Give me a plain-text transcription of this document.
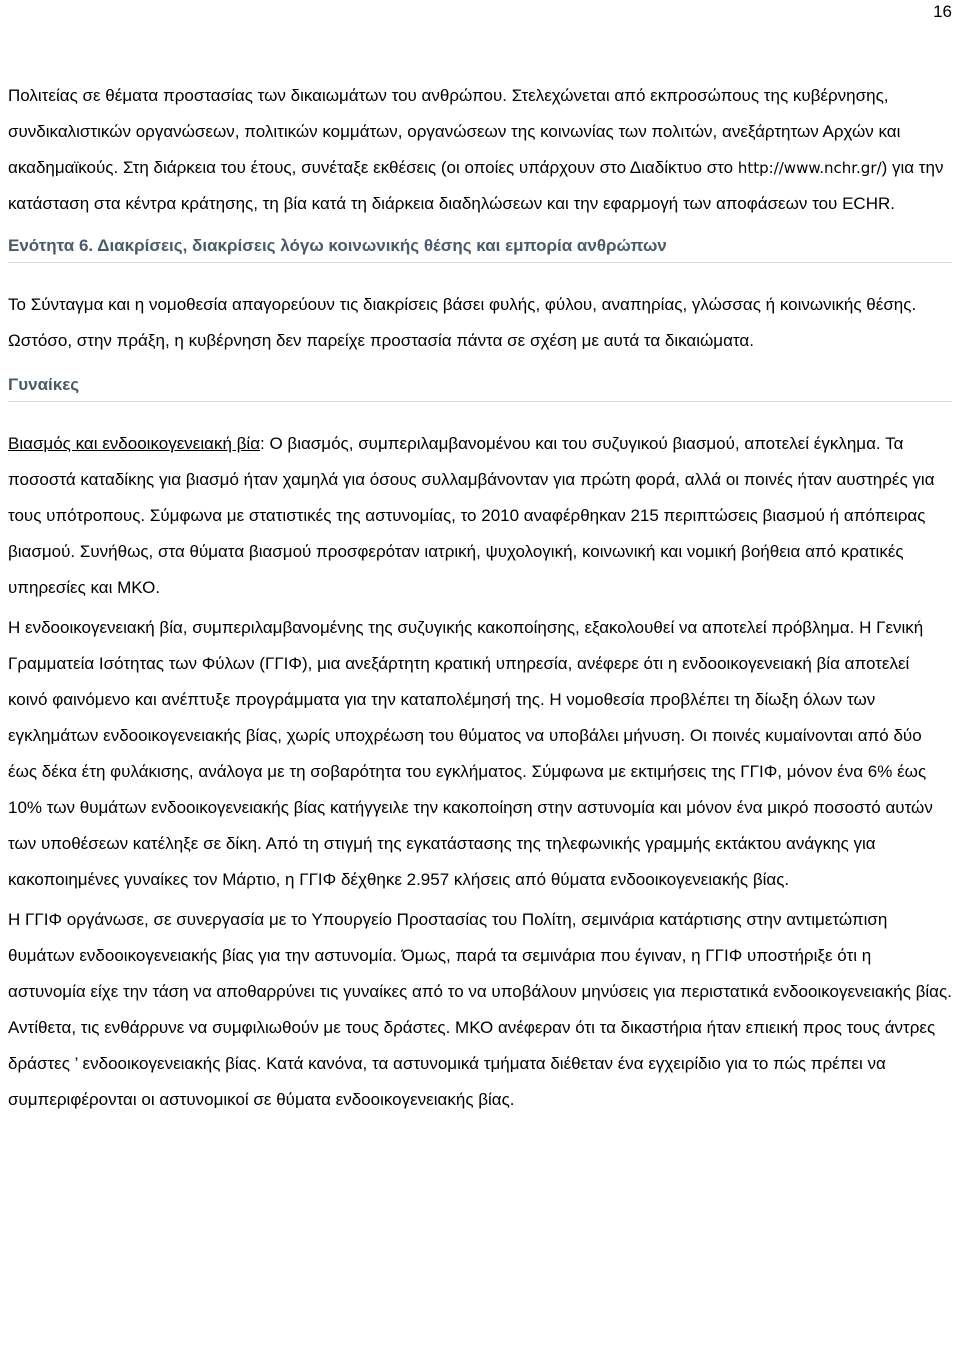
16

Πολιτείας σε θέματα προστασίας των δικαιωμάτων του ανθρώπου. Στελεχώνεται από εκπροσώπους της κυβέρνησης, συνδικαλιστικών οργανώσεων, πολιτικών κομμάτων, οργανώσεων της κοινωνίας των πολιτών, ανεξάρτητων Αρχών και ακαδημαϊκούς. Στη διάρκεια του έτους, συνέταξε εκθέσεις (οι οποίες υπάρχουν στο Διαδίκτυο στο http://www.nchr.gr/) για την κατάσταση στα κέντρα κράτησης, τη βία κατά τη διάρκεια διαδηλώσεων και την εφαρμογή των αποφάσεων του ECHR.

Ενότητα 6. Διακρίσεις, διακρίσεις λόγω κοινωνικής θέσης και εμπορία ανθρώπων

Το Σύνταγμα και η νομοθεσία απαγορεύουν τις διακρίσεις βάσει φυλής, φύλου, αναπηρίας, γλώσσας ή κοινωνικής θέσης. Ωστόσο, στην πράξη, η κυβέρνηση δεν παρείχε προστασία πάντα σε σχέση με αυτά τα δικαιώματα.

Γυναίκες

Βιασμός και ενδοοικογενειακή βία: Ο βιασμός, συμπεριλαμβανομένου και του συζυγικού βιασμού, αποτελεί έγκλημα. Τα ποσοστά καταδίκης για βιασμό ήταν χαμηλά για όσους συλλαμβάνονταν για πρώτη φορά, αλλά οι ποινές ήταν αυστηρές για τους υπότροπους. Σύμφωνα με στατιστικές της αστυνομίας, το 2010 αναφέρθηκαν 215 περιπτώσεις βιασμού ή απόπειρας βιασμού. Συνήθως, στα θύματα βιασμού προσφερόταν ιατρική, ψυχολογική, κοινωνική και νομική βοήθεια από κρατικές υπηρεσίες και ΜΚΟ.

Η ενδοοικογενειακή βία, συμπεριλαμβανομένης της συζυγικής κακοποίησης, εξακολουθεί να αποτελεί πρόβλημα. Η Γενική Γραμματεία Ισότητας των Φύλων (ΓΓΙΦ), μια ανεξάρτητη κρατική υπηρεσία, ανέφερε ότι η ενδοοικογενειακή βία αποτελεί κοινό φαινόμενο και ανέπτυξε προγράμματα για την καταπολέμησή της. Η νομοθεσία προβλέπει τη δίωξη όλων των εγκλημάτων ενδοοικογενειακής βίας, χωρίς υποχρέωση του θύματος να υποβάλει μήνυση. Οι ποινές κυμαίνονται από δύο έως δέκα έτη φυλάκισης, ανάλογα με τη σοβαρότητα του εγκλήματος. Σύμφωνα με εκτιμήσεις της ΓΓΙΦ, μόνον ένα 6% έως 10% των θυμάτων ενδοοικογενειακής βίας κατήγγειλε την κακοποίηση στην αστυνομία και μόνον ένα μικρό ποσοστό αυτών των υποθέσεων κατέληξε σε δίκη. Από τη στιγμή της εγκατάστασης της τηλεφωνικής γραμμής εκτάκτου ανάγκης για κακοποιημένες γυναίκες τον Μάρτιο, η ΓΓΙΦ δέχθηκε 2.957 κλήσεις από θύματα ενδοοικογενειακής βίας.

Η ΓΓΙΦ οργάνωσε, σε συνεργασία με το Υπουργείο Προστασίας του Πολίτη, σεμινάρια κατάρτισης στην αντιμετώπιση θυμάτων ενδοοικογενειακής βίας για την αστυνομία. Όμως, παρά τα σεμινάρια που έγιναν, η ΓΓΙΦ υποστήριξε ότι η αστυνομία είχε την τάση να αποθαρρύνει τις γυναίκες από το να υποβάλουν μηνύσεις για περιστατικά ενδοοικογενειακής βίας. Αντίθετα, τις ενθάρρυνε να συμφιλιωθούν με τους δράστες. ΜΚΟ ανέφεραν ότι τα δικαστήρια ήταν επιεική προς τους άντρες δράστες ’ ενδοοικογενειακής βίας. Κατά κανόνα, τα αστυνομικά τμήματα διέθεταν ένα εγχειρίδιο για το πώς πρέπει να συμπεριφέρονται οι αστυνομικοί σε θύματα ενδοοικογενειακής βίας.
